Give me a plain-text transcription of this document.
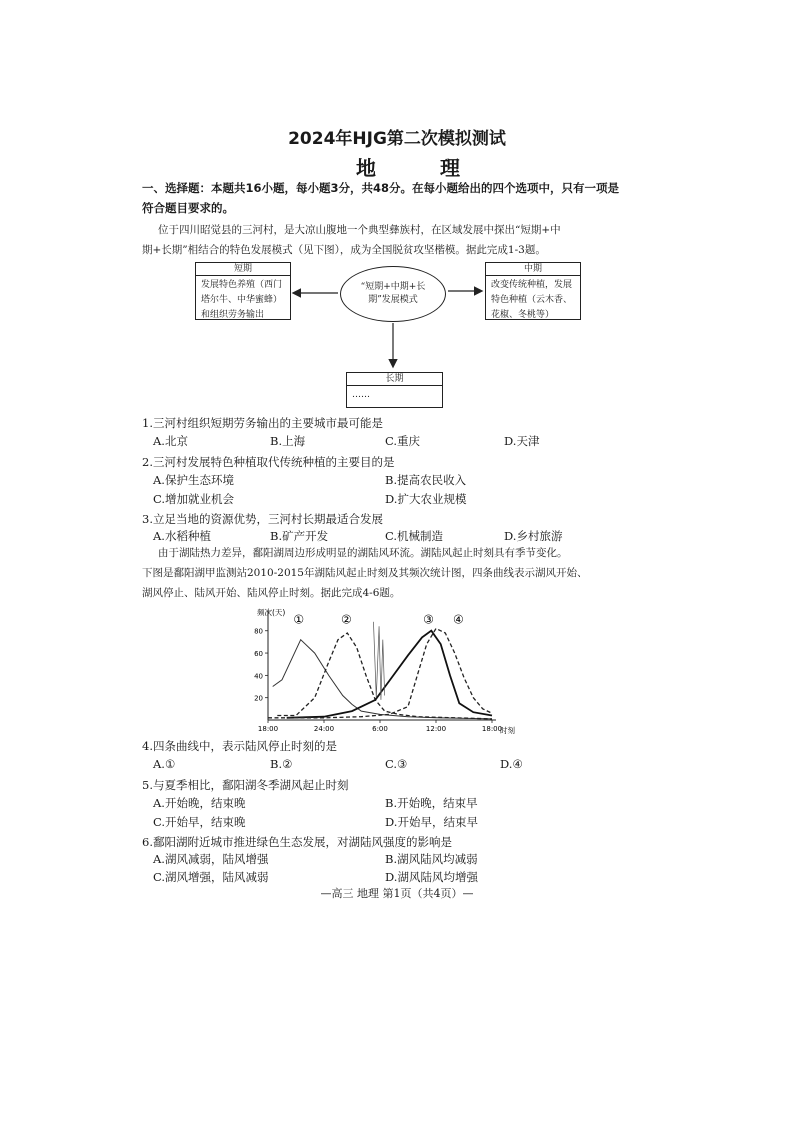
2024年HJG第二次模拟测试
地　理
一、选择题：本题共16小题，每小题3分，共48分。在每小题给出的四个选项中，只有一项是
符合题目要求的。
位于四川昭觉县的三河村，是大凉山腹地一个典型彝族村，在区域发展中探出“短期+中
期+长期”相结合的特色发展模式（见下图），成为全国脱贫攻坚楷模。据此完成1-3题。
短期
发展特色养殖（西门塔尔牛、中华蜜蜂）和组织劳务输出
中期
改变传统种植，发展特色种植（云木香、花椒、冬桃等）
长期
……
“短期+中期+长期”发展模式
1.三河村组织短期劳务输出的主要城市最可能是
A.北京	B.上海	C.重庆	D.天津
2.三河村发展特色种植取代传统种植的主要目的是
A.保护生态环境	B.提高农民收入
C.增加就业机会	D.扩大农业规模
3.立足当地的资源优势，三河村长期最适合发展
A.水稻种植	B.矿产开发	C.机械制造	D.乡村旅游
由于湖陆热力差异，鄱阳湖周边形成明显的湖陆风环流。湖陆风起止时刻具有季节变化。
下图是鄱阳湖甲监测站2010-2015年湖陆风起止时刻及其频次统计图，四条曲线表示湖风开始、
湖风停止、陆风开始、陆风停止时刻。据此完成4-6题。
频次(天)
时刻
20
40
60
80
18:00	24:00	6:00	12:00	18:00
①	②	③ ④
4.四条曲线中，表示陆风停止时刻的是
A.①	B.②	C.③	D.④
5.与夏季相比，鄱阳湖冬季湖风起止时刻
A.开始晚，结束晚	B.开始晚，结束早
C.开始早，结束晚	D.开始早，结束早
6.鄱阳湖附近城市推进绿色生态发展，对湖陆风强度的影响是
A.湖风减弱，陆风增强	B.湖风陆风均减弱
C.湖风增强，陆风减弱	D.湖风陆风均增强
—高三 地理 第1页（共4页）—
